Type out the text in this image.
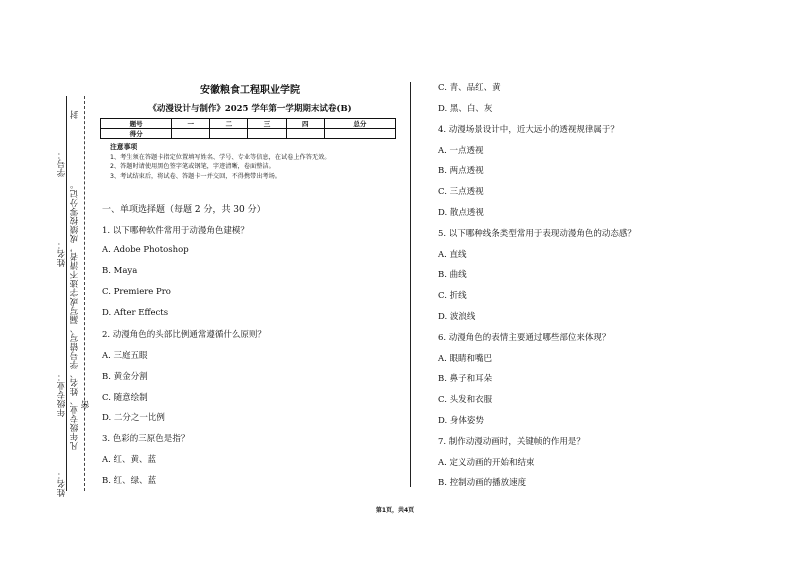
学号：
姓名：
年级专业：
姓名：
凡年级专业、姓名、学号错写、漏写或字迹不清者，成绩按零分记。
封
密
安徽粮食工程职业学院
《动漫设计与制作》2025 学年第一学期期末试卷(B)
题号	一	二	三	四	总分
得分					
注意事项
1、考生须在答题卡指定位置填写姓名、学号、专业等信息，在试卷上作答无效。
2、答题时请使用黑色签字笔或钢笔，字迹清晰，卷面整洁。
3、考试结束后，将试卷、答题卡一并交回，不得携带出考场。
一、单项选择题（每题 2 分，共 30 分）
1. 以下哪种软件常用于动漫角色建模？
A. Adobe Photoshop
B. Maya
C. Premiere Pro
D. After Effects
2. 动漫角色的头部比例通常遵循什么原则？
A. 三庭五眼
B. 黄金分割
C. 随意绘制
D. 二分之一比例
3. 色彩的三原色是指？
A. 红、黄、蓝
B. 红、绿、蓝
C. 青、品红、黄
D. 黑、白、灰
4. 动漫场景设计中，近大远小的透视规律属于？
A. 一点透视
B. 两点透视
C. 三点透视
D. 散点透视
5. 以下哪种线条类型常用于表现动漫角色的动态感？
A. 直线
B. 曲线
C. 折线
D. 波浪线
6. 动漫角色的表情主要通过哪些部位来体现？
A. 眼睛和嘴巴
B. 鼻子和耳朵
C. 头发和衣服
D. 身体姿势
7. 制作动漫动画时，关键帧的作用是？
A. 定义动画的开始和结束
B. 控制动画的播放速度
第1页，共4页
